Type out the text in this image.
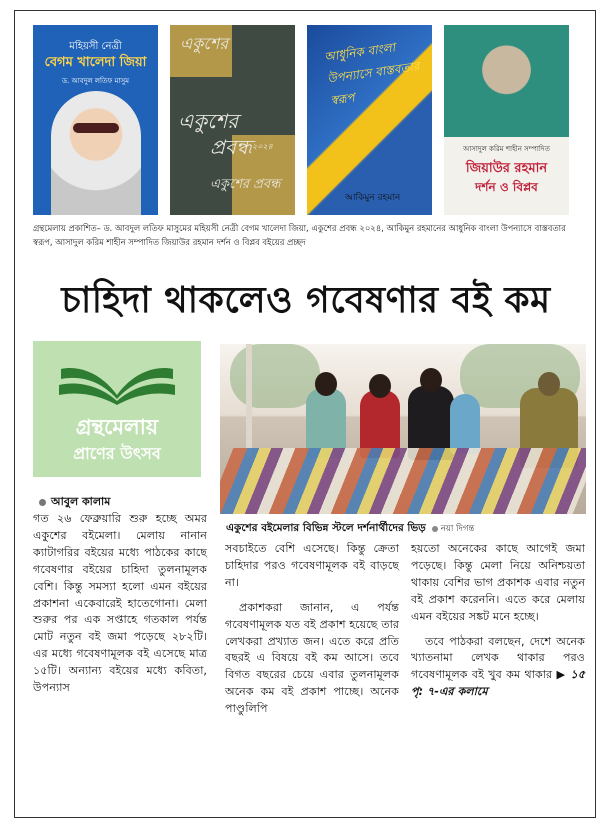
মহিয়সী নেত্রী
বেগম খালেদা জিয়া
ড. আবদুল লতিফ মাসুম
একুশের
একুশের
প্রবন্ধ ২০২৪
একুশের প্রবন্ধ
আধুনিক বাংলা উপন্যাসে বাস্তবতার স্বরূপ
আকিমুন রহমান
আসাদুল করিম শাহীন সম্পাদিত
জিয়াউর রহমান
দর্শন ও বিপ্লব
গ্রন্থমেলায় প্রকাশিত– ড. আবদুল লতিফ মাসুমের মহিয়সী নেত্রী বেগম খালেদা জিয়া, একুশের প্রবন্ধ ২০২৪, আকিমুন রহমানের আধুনিক বাংলা উপন্যাসে বাস্তবতার স্বরূপ, আসাদুল করিম শাহীন সম্পাদিত জিয়াউর রহমান দর্শন ও বিপ্লব বইয়ের প্রচ্ছদ
চাহিদা থাকলেও গবেষণার বই কম
গ্রন্থমেলায়
প্রাণের উৎসব
আবুল কালাম
একুশের বইমেলার বিভিন্ন স্টলে দর্শনার্থীদের ভিড় নয়া দিগন্ত

গত ২৬ ফেব্রুয়ারি শুরু হচ্ছে অমর একুশের বইমেলা। মেলায় নানান ক্যাটাগরির বইয়ের মধ্যে পাঠকের কাছে গবেষণার বইয়ের চাহিদা তুলনামূলক বেশি। কিন্তু সমস্যা হলো এমন বইয়ের প্রকাশনা একেবারেই হাতেগোনা। মেলা শুরুর পর এক সপ্তাহে গতকাল পর্যন্ত মোট নতুন বই জমা পড়েছে ২৮২টি। এর মধ্যে গবেষণামূলক বই এসেছে মাত্র ১৫টি। অন্যান্য বইয়ের মধ্যে কবিতা, উপন্যাস

সবচাইতে বেশি এসেছে। কিন্তু ক্রেতা চাহিদার পরও গবেষণামূলক বই বাড়ছে না।

প্রকাশকরা জানান, এ পর্যন্ত গবেষণামূলক যত বই প্রকাশ হয়েছে তার লেখকরা প্রখ্যাত জন। এতে করে প্রতি বছরই এ বিষয়ে বই কম আসে। তবে বিগত বছরের চেয়ে এবার তুলনামূলক অনেক কম বই প্রকাশ পাচ্ছে। অনেক পাণ্ডুলিপি

হয়তো অনেকের কাছে আগেই জমা পড়েছে। কিন্তু মেলা নিয়ে অনিশ্চয়তা থাকায় বেশির ভাগ প্রকাশক এবার নতুন বই প্রকাশ করেননি। এতে করে মেলায় এমন বইয়ের সঙ্কট মনে হচ্ছে।

তবে পাঠকরা বলছেন, দেশে অনেক খ্যাতনামা লেখক থাকার পরও গবেষণামূলক বই খুব কম থাকার ▶ ১৫ পৃ: ৭-এর কলামে
